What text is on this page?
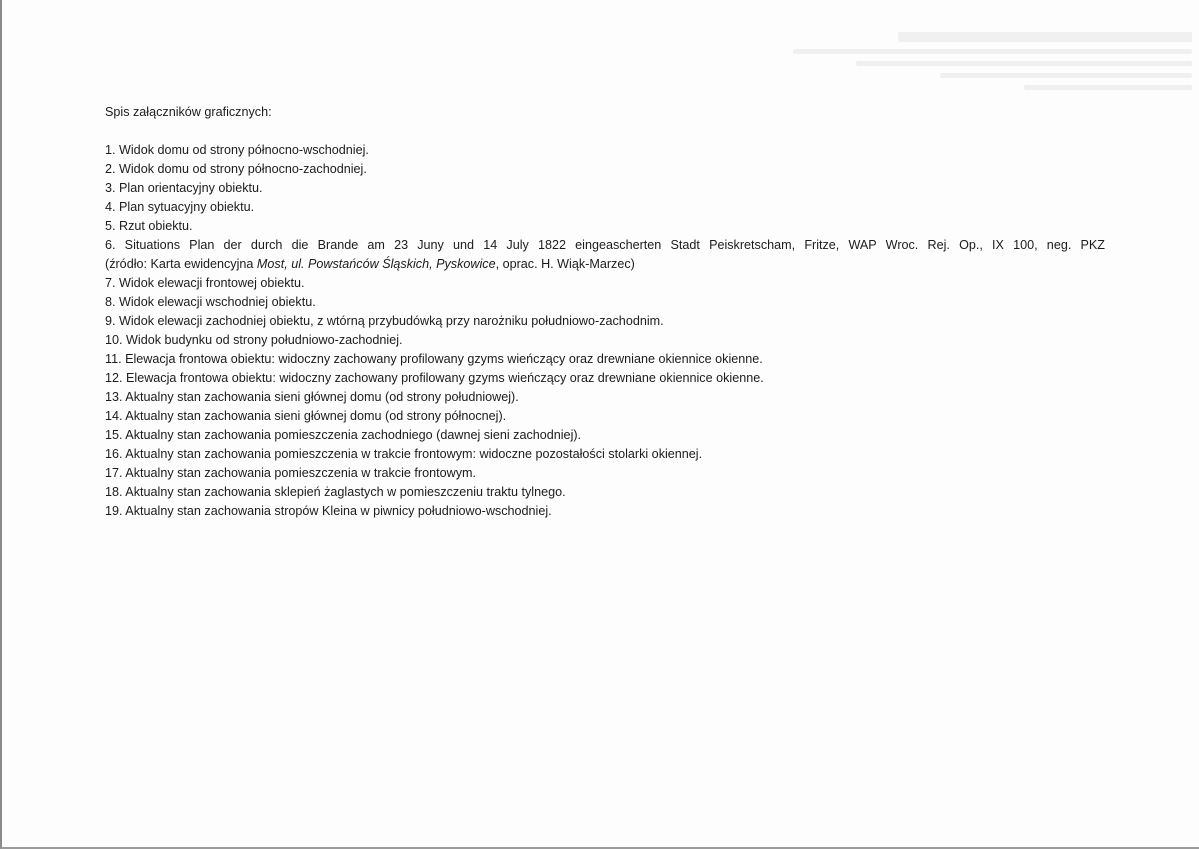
Spis załączników graficznych:

1. Widok domu od strony północno-wschodniej.
2. Widok domu od strony północno-zachodniej.
3. Plan orientacyjny obiektu.
4. Plan sytuacyjny obiektu.
5. Rzut obiektu.
6. Situations Plan der durch die Brande am 23 Juny und 14 July 1822 eingeascherten Stadt Peiskretscham, Fritze, WAP Wroc. Rej. Op., IX 100, neg. PKZ
(źródło: Karta ewidencyjna Most, ul. Powstańców Śląskich, Pyskowice, oprac. H. Wiąk-Marzec)
7. Widok elewacji frontowej obiektu.
8. Widok elewacji wschodniej obiektu.
9. Widok elewacji zachodniej obiektu, z wtórną przybudówką przy narożniku południowo-zachodnim.
10. Widok budynku od strony południowo-zachodniej.
11. Elewacja frontowa obiektu: widoczny zachowany profilowany gzyms wieńczący oraz drewniane okiennice okienne.
12. Elewacja frontowa obiektu: widoczny zachowany profilowany gzyms wieńczący oraz drewniane okiennice okienne.
13. Aktualny stan zachowania sieni głównej domu (od strony południowej).
14. Aktualny stan zachowania sieni głównej domu (od strony północnej).
15. Aktualny stan zachowania pomieszczenia zachodniego (dawnej sieni zachodniej).
16. Aktualny stan zachowania pomieszczenia w trakcie frontowym: widoczne pozostałości stolarki okiennej.
17. Aktualny stan zachowania pomieszczenia w trakcie frontowym.
18. Aktualny stan zachowania sklepień żaglastych w pomieszczeniu traktu tylnego.
19. Aktualny stan zachowania stropów Kleina w piwnicy południowo-wschodniej.
